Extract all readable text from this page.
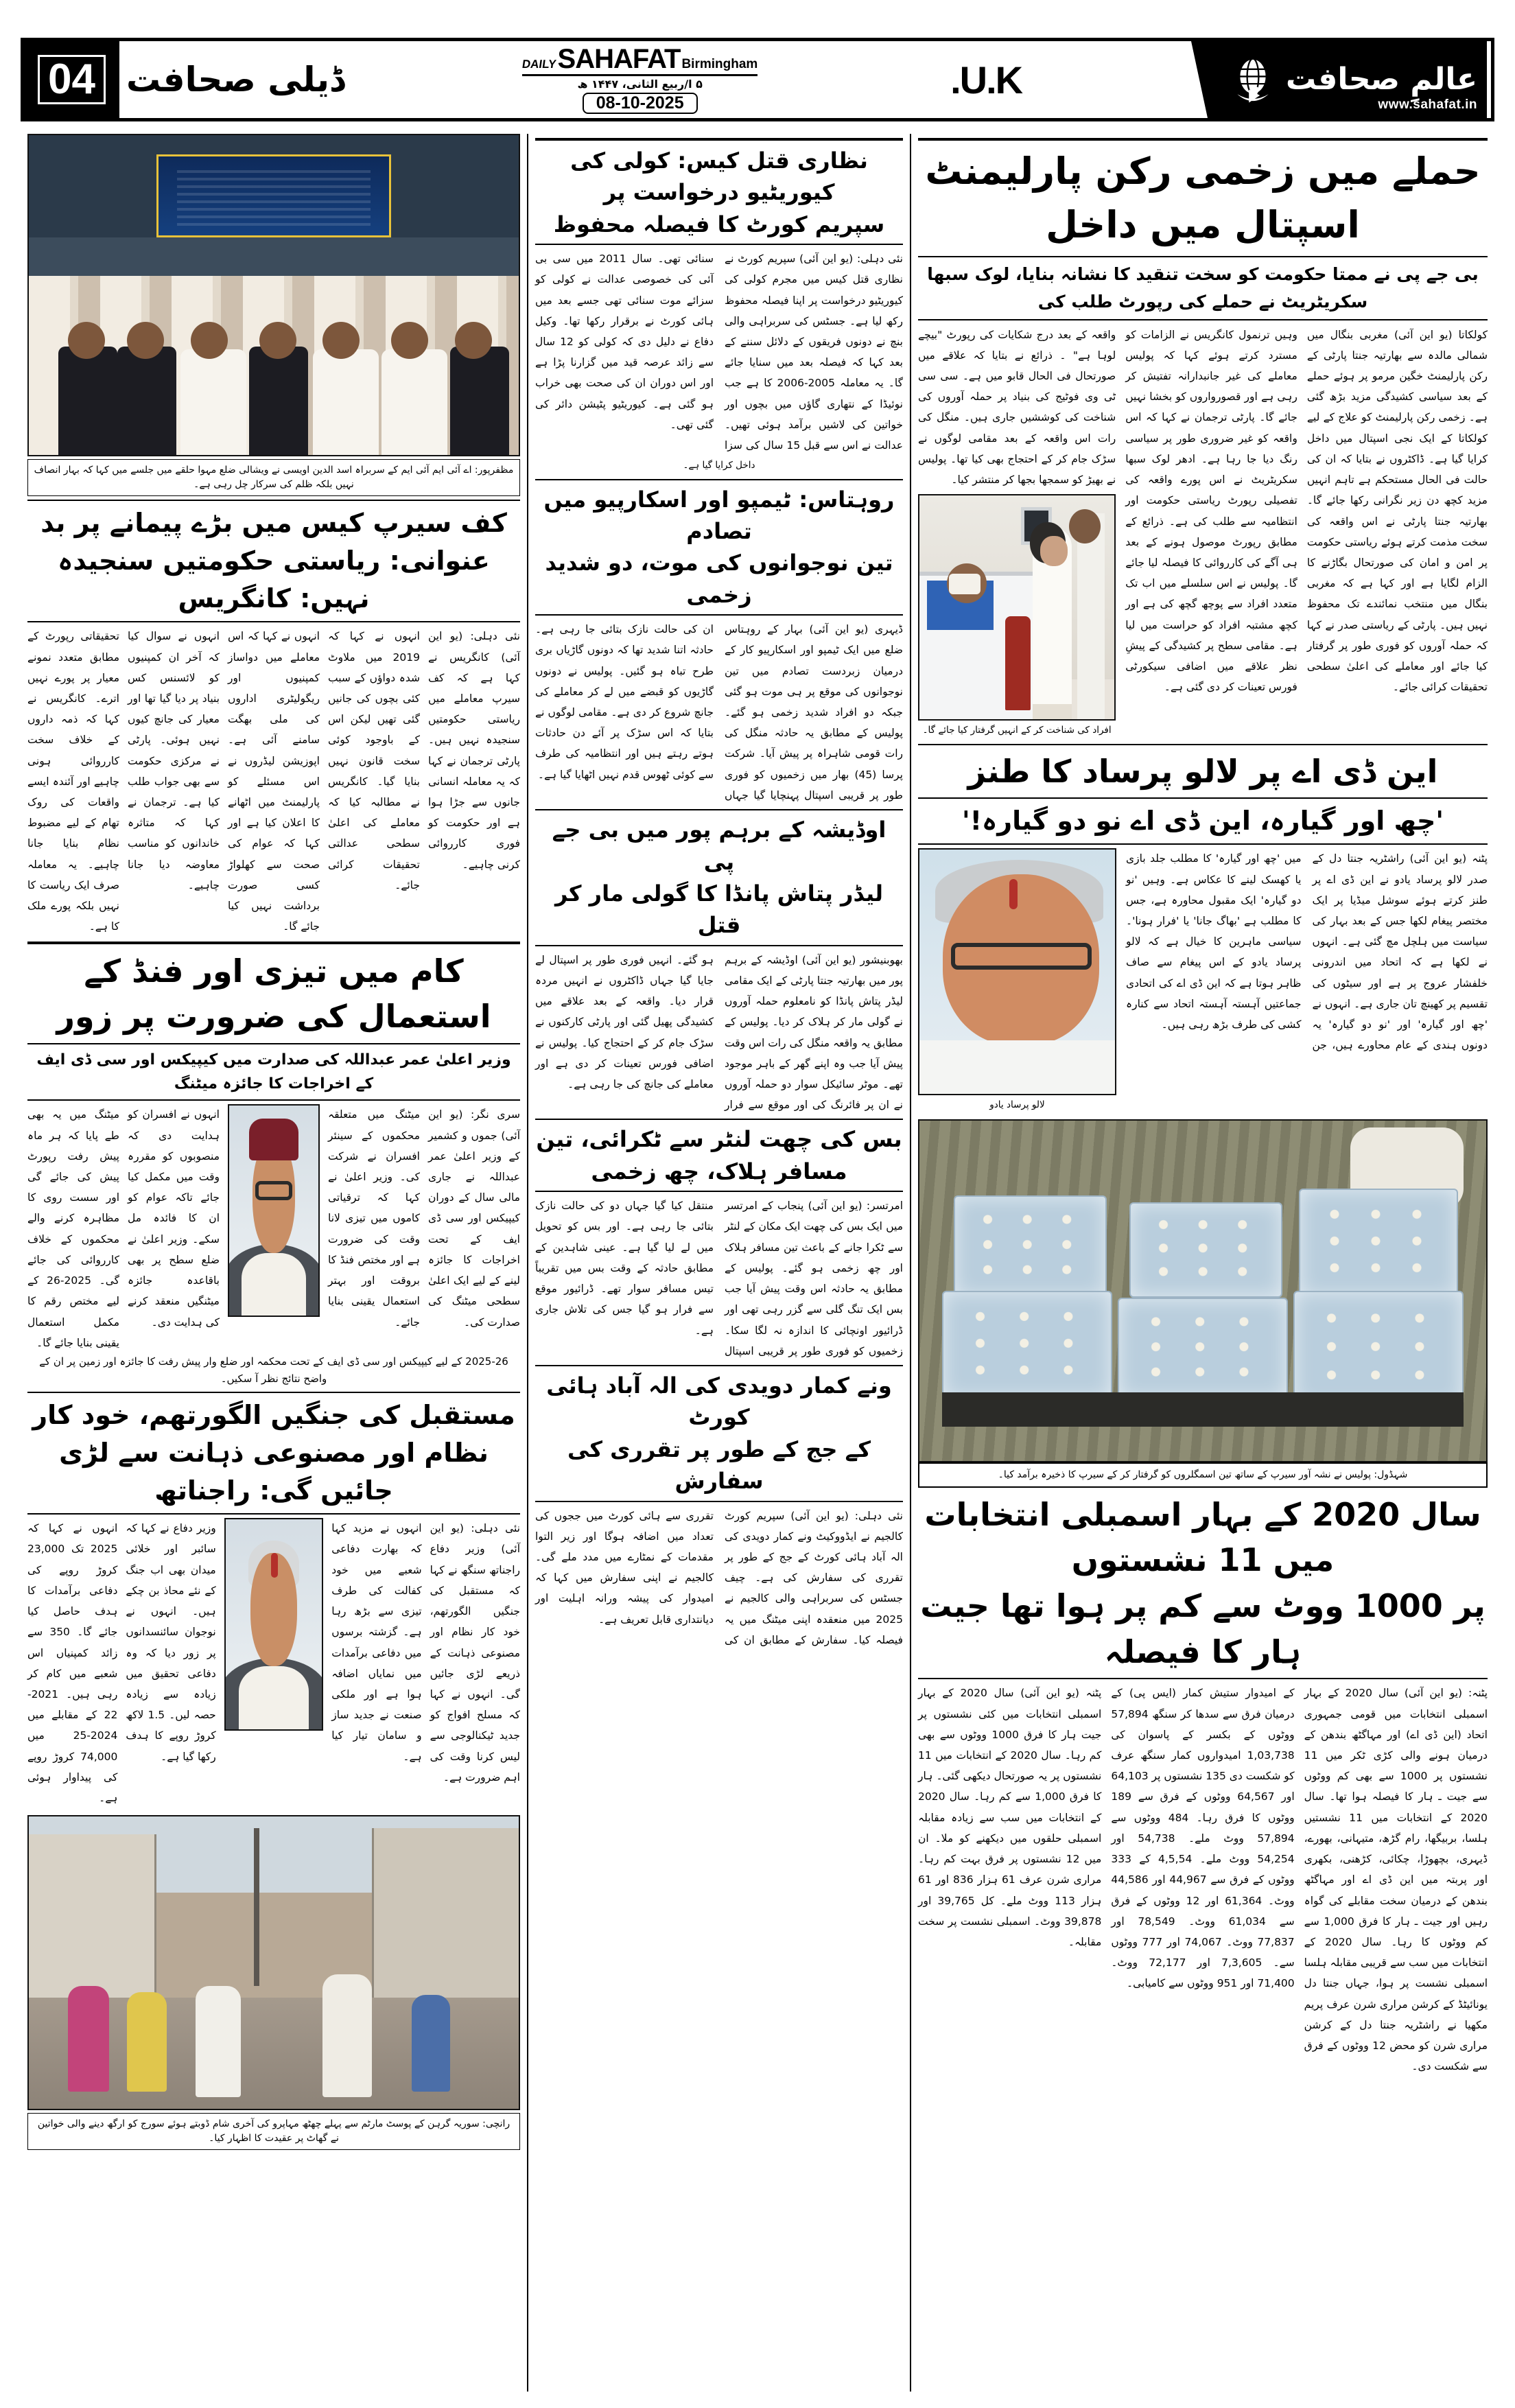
عالمِ صحافت
www.sahafat.in
U.K.
DAILY SAHAFAT Birmingham
۵ ا/ربیع الثانی، ۱۴۴۷ ھ
08-10-2025
ڈیلی صحافت
04
حملے میں زخمی رکن پارلیمنٹ اسپتال میں داخل
بی جے پی نے ممتا حکومت کو سخت تنقید کا نشانہ بنایا، لوک سبھا سکریٹریٹ نے حملے کی رپورٹ طلب کی
کولکاتا (یو این آئی) مغربی بنگال میں شمالی مالدہ سے بھارتیہ جنتا پارٹی کے رکن پارلیمنٹ خگین مرمو پر ہوئے حملے کے بعد سیاسی کشیدگی مزید بڑھ گئی ہے۔ زخمی رکن پارلیمنٹ کو علاج کے لیے کولکاتا کے ایک نجی اسپتال میں داخل کرایا گیا ہے۔ ڈاکٹروں نے بتایا کہ ان کی حالت فی الحال مستحکم ہے تاہم انہیں مزید کچھ دن زیر نگرانی رکھا جائے گا۔ بھارتیہ جنتا پارٹی نے اس واقعہ کی سخت مذمت کرتے ہوئے ریاستی حکومت پر امن و امان کی صورتحال بگاڑنے کا الزام لگایا ہے اور کہا ہے کہ مغربی بنگال میں منتخب نمائندے تک محفوظ نہیں ہیں۔ پارٹی کے ریاستی صدر نے کہا کہ حملہ آوروں کو فوری طور پر گرفتار کیا جائے اور معاملے کی اعلیٰ سطحی تحقیقات کرائی جائے۔
وہیں ترنمول کانگریس نے الزامات کو مسترد کرتے ہوئے کہا کہ پولیس معاملے کی غیر جانبدارانہ تفتیش کر رہی ہے اور قصورواروں کو بخشا نہیں جائے گا۔ پارٹی ترجمان نے کہا کہ اس واقعہ کو غیر ضروری طور پر سیاسی رنگ دیا جا رہا ہے۔ ادھر لوک سبھا سکریٹریٹ نے اس پورے واقعہ کی تفصیلی رپورٹ ریاستی حکومت اور انتظامیہ سے طلب کی ہے۔ ذرائع کے مطابق رپورٹ موصول ہونے کے بعد ہی آگے کی کارروائی کا فیصلہ لیا جائے گا۔ پولیس نے اس سلسلے میں اب تک متعدد افراد سے پوچھ گچھ کی ہے اور کچھ مشتبہ افراد کو حراست میں لیا ہے۔ مقامی سطح پر کشیدگی کے پیشِ نظر علاقے میں اضافی سیکورٹی فورس تعینات کر دی گئی ہے۔
واقعہ کے بعد درج شکایات کی رپورٹ "بیچے لوہا ہے" ۔ ذرائع نے بتایا کہ علاقے میں صورتحال فی الحال قابو میں ہے۔ سی سی ٹی وی فوٹیج کی بنیاد پر حملہ آوروں کی شناخت کی کوششیں جاری ہیں۔ منگل کی رات اس واقعہ کے بعد مقامی لوگوں نے سڑک جام کر کے احتجاج بھی کیا تھا۔ پولیس نے بھیڑ کو سمجھا بجھا کر منتشر کیا۔
افراد کی شناخت کر کے انہیں گرفتار کیا جائے گا۔
این ڈی اے پر لالو پرساد کا طنز
'چھ اور گیارہ، این ڈی اے نو دو گیارہ!'
پٹنہ (یو این آئی) راشٹریہ جنتا دل کے صدر لالو پرساد یادو نے این ڈی اے پر طنز کرتے ہوئے سوشل میڈیا پر ایک مختصر پیغام لکھا جس کے بعد بہار کی سیاست میں ہلچل مچ گئی ہے۔ انہوں نے لکھا ہے کہ اتحاد میں اندرونی خلفشار عروج پر ہے اور سیٹوں کی تقسیم پر کھینچ تان جاری ہے۔ انہوں نے 'چھ اور گیارہ' اور 'نو دو گیارہ' یہ دونوں ہندی کے عام محاورے ہیں، جن میں 'چھ اور گیارہ' کا مطلب جلد بازی یا کھسک لینے کا عکاس ہے۔ وہیں 'نو دو گیارہ' ایک مقبول محاورہ ہے، جس کا مطلب ہے 'بھاگ جانا' یا 'فرار ہونا'۔ سیاسی ماہرین کا خیال ہے کہ لالو پرساد یادو کے اس پیغام سے صاف ظاہر ہوتا ہے کہ این ڈی اے کی اتحادی جماعتیں آہستہ آہستہ اتحاد سے کنارہ کشی کی طرف بڑھ رہی ہیں۔
لالو پرساد یادو
شہڈول: پولیس نے نشہ آور سیرپ کے ساتھ تین اسمگلروں کو گرفتار کر کے سیرپ کا ذخیرہ برآمد کیا۔
سال 2020 کے بہار اسمبلی انتخابات میں 11 نشستوں
پر 1000 ووٹ سے کم پر ہوا تھا جیت ہار کا فیصلہ
پٹنہ: (یو این آئی) سال 2020 کے بہار اسمبلی انتخابات میں قومی جمہوری اتحاد (این ڈی اے) اور مہاگٹھ بندھن کے درمیان ہونے والی کڑی ٹکر میں 11 نشستوں پر 1000 سے بھی کم ووٹوں سے جیت ـ ہار کا فیصلہ ہوا تھا۔ سال 2020 کے انتخابات میں 11 نشستیں ہلسا، بربیگھا، رام گڑھ، متیہانی، بھورے، ڈیہری، بچھوڑا، چکائی، کڑھنی، بکھری اور پربتہ میں این ڈی اے اور مہاگٹھ بندھن کے درمیان سخت مقابلے کی گواہ رہیں اور جیت ـ ہار کا فرق 1,000 سے کم ووٹوں کا رہا۔ سال 2020 کے انتخابات میں سب سے قریبی مقابلہ ہلسا اسمبلی نشست پر ہوا، جہاں جنتا دل یونائیٹڈ کے کرشن مراری شرن عرف پریم مکھیا نے راشٹریہ جنتا دل کے کرشن مراری شرن کو محض 12 ووٹوں کے فرق سے شکست دی۔
کے امیدوار ستیش کمار (ایس پی) کے درمیان فرق سے سدھا کر سنگھ 57,894 ووٹوں کے بکسر کے پاسوان کی 1,03,738 امیدواروں کمار سنگھ عرف کو شکست دی 135 نشستوں پر 64,103 اور 64,567 ووٹوں کے فرق سے 189 ووٹوں کا فرق رہا۔ 484 ووٹوں سے 57,894 ووٹ ملے۔ 54,738 اور 54,254 ووٹ ملے۔ 4,5,54 کے 333 ووٹوں کے فرق سے 44,967 اور 44,586 ووٹ۔ 61,364 اور 12 ووٹوں کے فرق سے 61,034 ووٹ۔ 78,549 اور 77,837 ووٹ۔ 74,067 اور 777 ووٹوں سے۔ 7,3,605 اور 72,177 ووٹ۔ 71,400 اور 951 ووٹوں سے کامیابی۔
پٹنہ (یو این آئی) سال 2020 کے بہار اسمبلی انتخابات میں کئی نشستوں پر جیت ہار کا فرق 1000 ووٹوں سے بھی کم رہا۔ سال 2020 کے انتخابات میں 11 نشستوں پر یہ صورتحال دیکھی گئی۔ ہار کا فرق 1,000 سے کم رہا۔ سال 2020 کے انتخابات میں سب سے زیادہ مقابلہ اسمبلی حلقوں میں دیکھنے کو ملا۔ ان میں 12 نشستوں پر فرق بہت کم رہا۔ مراری شرن عرف 61 ہزار 836 اور 61 ہزار 113 ووٹ ملے۔ کل 39,765 اور 39,878 ووٹ۔ اسمبلی نشست پر سخت مقابلہ۔
نظاری قتل کیس: کولی کی
کیوریٹیو درخواست پر
سپریم کورٹ کا فیصلہ محفوظ
نئی دہلی: (یو این آئی) سپریم کورٹ نے نظاری قتل کیس میں مجرم کولی کی کیوریٹیو درخواست پر اپنا فیصلہ محفوظ رکھ لیا ہے۔ جسٹس کی سربراہی والی بنچ نے دونوں فریقوں کے دلائل سننے کے بعد کہا کہ فیصلہ بعد میں سنایا جائے گا۔ یہ معاملہ 2005-2006 کا ہے جب نوئیڈا کے نتھاری گاؤں میں بچوں اور خواتین کی لاشیں برآمد ہوئی تھیں۔ عدالت نے اس سے قبل 15 سال کی سزا سنائی تھی۔ سال 2011 میں سی بی آئی کی خصوصی عدالت نے کولی کو سزائے موت سنائی تھی جسے بعد میں ہائی کورٹ نے برقرار رکھا تھا۔ وکیل دفاع نے دلیل دی کہ کولی کو 12 سال سے زائد عرصہ قید میں گزارنا پڑا ہے اور اس دوران ان کی صحت بھی خراب ہو گئی ہے۔ کیوریٹیو پٹیشن دائر کی گئی تھی۔
داخل کرایا گیا ہے۔
روہتاس: ٹیمپو اور اسکارپیو میں تصادم
تین نوجوانوں کی موت، دو شدید زخمی
ڈیہری (یو این آئی) بہار کے روہتاس ضلع میں ایک ٹیمپو اور اسکارپیو کار کے درمیان زبردست تصادم میں تین نوجوانوں کی موقع پر ہی موت ہو گئی جبکہ دو افراد شدید زخمی ہو گئے۔ پولیس کے مطابق یہ حادثہ منگل کی رات قومی شاہراہ پر پیش آیا۔ شرکت پرسا (45) بھار میں زخمیوں کو فوری طور پر قریبی اسپتال پہنچایا گیا جہاں ان کی حالت نازک بتائی جا رہی ہے۔ حادثہ اتنا شدید تھا کہ دونوں گاڑیاں بری طرح تباہ ہو گئیں۔ پولیس نے دونوں گاڑیوں کو قبضے میں لے کر معاملے کی جانچ شروع کر دی ہے۔ مقامی لوگوں نے بتایا کہ اس سڑک پر آئے دن حادثات ہوتے رہتے ہیں اور انتظامیہ کی طرف سے کوئی ٹھوس قدم نہیں اٹھایا گیا ہے۔
اوڈیشہ کے برہم پور میں بی جے پی
لیڈر پتاش پانڈا کا گولی مار کر قتل
بھوبنیشور (یو این آئی) اوڈیشہ کے برہم پور میں بھارتیہ جنتا پارٹی کے ایک مقامی لیڈر پتاش پانڈا کو نامعلوم حملہ آوروں نے گولی مار کر ہلاک کر دیا۔ پولیس کے مطابق یہ واقعہ منگل کی رات اس وقت پیش آیا جب وہ اپنے گھر کے باہر موجود تھے۔ موٹر سائیکل سوار دو حملہ آوروں نے ان پر فائرنگ کی اور موقع سے فرار ہو گئے۔ انہیں فوری طور پر اسپتال لے جایا گیا جہاں ڈاکٹروں نے انہیں مردہ قرار دیا۔ واقعہ کے بعد علاقے میں کشیدگی پھیل گئی اور پارٹی کارکنوں نے سڑک جام کر کے احتجاج کیا۔ پولیس نے اضافی فورس تعینات کر دی ہے اور معاملے کی جانچ کی جا رہی ہے۔
بس کی چھت لنٹر سے ٹکرائی، تین مسافر ہلاک، چھ زخمی
امرتسر: (یو این آئی) پنجاب کے امرتسر میں ایک بس کی چھت ایک مکان کے لنٹر سے ٹکرا جانے کے باعث تین مسافر ہلاک اور چھ زخمی ہو گئے۔ پولیس کے مطابق یہ حادثہ اس وقت پیش آیا جب بس ایک تنگ گلی سے گزر رہی تھی اور ڈرائیور اونچائی کا اندازہ نہ لگا سکا۔ زخمیوں کو فوری طور پر قریبی اسپتال منتقل کیا گیا جہاں دو کی حالت نازک بتائی جا رہی ہے۔ اور بس کو تحویل میں لے لیا گیا ہے۔ عینی شاہدین کے مطابق حادثہ کے وقت بس میں تقریباً تیس مسافر سوار تھے۔ ڈرائیور موقع سے فرار ہو گیا جس کی تلاش جاری ہے۔
ونے کمار دویدی کی الہ آباد ہائی کورٹ
کے جج کے طور پر تقرری کی سفارش
نئی دہلی: (یو این آئی) سپریم کورٹ کالجیم نے ایڈووکیٹ ونے کمار دویدی کی الہ آباد ہائی کورٹ کے جج کے طور پر تقرری کی سفارش کی ہے۔ چیف جسٹس کی سربراہی والی کالجیم نے 2025 میں منعقدہ اپنی میٹنگ میں یہ فیصلہ کیا۔ سفارش کے مطابق ان کی تقرری سے ہائی کورٹ میں ججوں کی تعداد میں اضافہ ہوگا اور زیر التوا مقدمات کے نمٹارے میں مدد ملے گی۔ کالجیم نے اپنی سفارش میں کہا کہ امیدوار کی پیشہ ورانہ اہلیت اور دیانتداری قابل تعریف ہے۔
مظفرپور: اے آئی ایم آئی ایم کے سربراہ اسد الدین اویسی نے ویشالی ضلع مہوا حلقے میں جلسے میں کہا کہ بہار انصاف نہیں بلکہ ظلم کی سرکار چل رہی ہے۔
کف سیرپ کیس میں بڑے پیمانے پر بد عنوانی: ریاستی حکومتیں سنجیدہ نہیں: کانگریس
نئی دہلی: (یو این آئی) کانگریس نے کہا ہے کہ کف سیرپ معاملے میں ریاستی حکومتیں سنجیدہ نہیں ہیں۔ پارٹی ترجمان نے کہا کہ یہ معاملہ انسانی جانوں سے جڑا ہوا ہے اور حکومت کو فوری کارروائی کرنی چاہیے۔
انہوں نے کہا کہ 2019 میں ملاوٹ شدہ دواؤں کے سبب کئی بچوں کی جانیں گئی تھیں لیکن اس کے باوجود کوئی سخت قانون نہیں بنایا گیا۔ کانگریس نے مطالبہ کیا کہ معاملے کی اعلیٰ سطحی عدالتی تحقیقات کرائی جائے۔
انہوں نے کہا کہ اس معاملے میں دواساز کمپنیوں اور ریگولیٹری اداروں کی ملی بھگت سامنے آئی ہے۔ اپوزیشن لیڈروں نے اس مسئلے کو پارلیمنٹ میں اٹھانے کا اعلان کیا ہے اور کہا کہ عوام کی صحت سے کھلواڑ کسی صورت برداشت نہیں کیا جائے گا۔
انہوں نے سوال کیا کہ آخر ان کمپنیوں کو لائسنس کس بنیاد پر دیا گیا تھا اور معیار کی جانچ کیوں نہیں ہوئی۔ پارٹی نے مرکزی حکومت سے بھی جواب طلب کیا ہے۔ ترجمان نے کہا کہ متاثرہ خاندانوں کو مناسب معاوضہ دیا جانا چاہیے۔
تحقیقاتی رپورٹ کے مطابق متعدد نمونے معیار پر پورے نہیں اترے۔ کانگریس نے کہا کہ ذمہ داروں کے خلاف سخت کارروائی ہونی چاہیے اور آئندہ ایسے واقعات کی روک تھام کے لیے مضبوط نظام بنایا جانا چاہیے۔ یہ معاملہ صرف ایک ریاست کا نہیں بلکہ پورے ملک کا ہے۔
کام میں تیزی اور فنڈ کے استعمال کی ضرورت پر زور
وزیر اعلیٰ عمر عبداللہ کی صدارت میں کیپیکس اور سی ڈی ایف کے اخراجات کا جائزہ میٹنگ
سری نگر: (یو این آئی) جموں و کشمیر کے وزیر اعلیٰ عمر عبداللہ نے جاری مالی سال کے دوران کیپیکس اور سی ڈی ایف کے تحت اخراجات کا جائزہ لینے کے لیے ایک اعلیٰ سطحی میٹنگ کی صدارت کی۔
میٹنگ میں متعلقہ محکموں کے سینئر افسران نے شرکت کی۔ وزیر اعلیٰ نے کہا کہ ترقیاتی کاموں میں تیزی لانا وقت کی ضرورت ہے اور مختص فنڈ کا بروقت اور بہتر استعمال یقینی بنایا جائے۔
انہوں نے افسران کو ہدایت دی کہ منصوبوں کو مقررہ وقت میں مکمل کیا جائے تاکہ عوام کو ان کا فائدہ مل سکے۔ وزیر اعلیٰ نے ضلع سطح پر بھی باقاعدہ جائزہ میٹنگیں منعقد کرنے کی ہدایت دی۔
میٹنگ میں یہ بھی طے پایا کہ ہر ماہ پیش رفت رپورٹ پیش کی جائے گی اور سست روی کا مظاہرہ کرنے والے محکموں کے خلاف کارروائی کی جائے گی۔ 2025-26 کے لیے مختص رقم کا مکمل استعمال یقینی بنایا جائے گا۔
2025-26 کے لیے کیپیکس اور سی ڈی ایف کے تحت محکمہ اور ضلع وار پیش رفت کا جائزہ اور زمین پر ان کے واضح نتائج نظر آ سکیں۔
مستقبل کی جنگیں الگورتھم، خود کار نظام اور مصنوعی ذہانت سے لڑی جائیں گی: راجناتھ
نئی دہلی: (یو این آئی) وزیر دفاع راجناتھ سنگھ نے کہا کہ مستقبل کی جنگیں الگورتھم، خود کار نظام اور مصنوعی ذہانت کے ذریعے لڑی جائیں گی۔ انہوں نے کہا کہ مسلح افواج کو جدید ٹیکنالوجی سے لیس کرنا وقت کی اہم ضرورت ہے۔
انہوں نے مزید کہا کہ بھارت دفاعی شعبے میں خود کفالت کی طرف تیزی سے بڑھ رہا ہے۔ گزشتہ برسوں میں دفاعی برآمدات میں نمایاں اضافہ ہوا ہے اور ملکی صنعت نے جدید ساز و سامان تیار کیا ہے۔
وزیر دفاع نے کہا کہ سائبر اور خلائی میدان بھی اب جنگ کے نئے محاذ بن چکے ہیں۔ انہوں نے نوجوان سائنسدانوں پر زور دیا کہ وہ دفاعی تحقیق میں زیادہ سے زیادہ حصہ لیں۔ 1.5 لاکھ کروڑ روپے کا ہدف رکھا گیا ہے۔
انہوں نے کہا کہ 2025 تک 23,000 کروڑ روپے کی دفاعی برآمدات کا ہدف حاصل کیا جائے گا۔ 350 سے زائد کمپنیاں اس شعبے میں کام کر رہی ہیں۔ 2021-22 کے مقابلے میں 2024-25 میں 74,000 کروڑ روپے کی پیداوار ہوئی ہے۔
رانچی: سوریہ گرہن کے پوسٹ مارٹم سے پہلے چھٹھ مہاپرو کی آخری شام ڈوبتے ہوئے سورج کو ارگھ دینے والی خواتین نے گھاٹ پر عقیدت کا اظہار کیا۔
